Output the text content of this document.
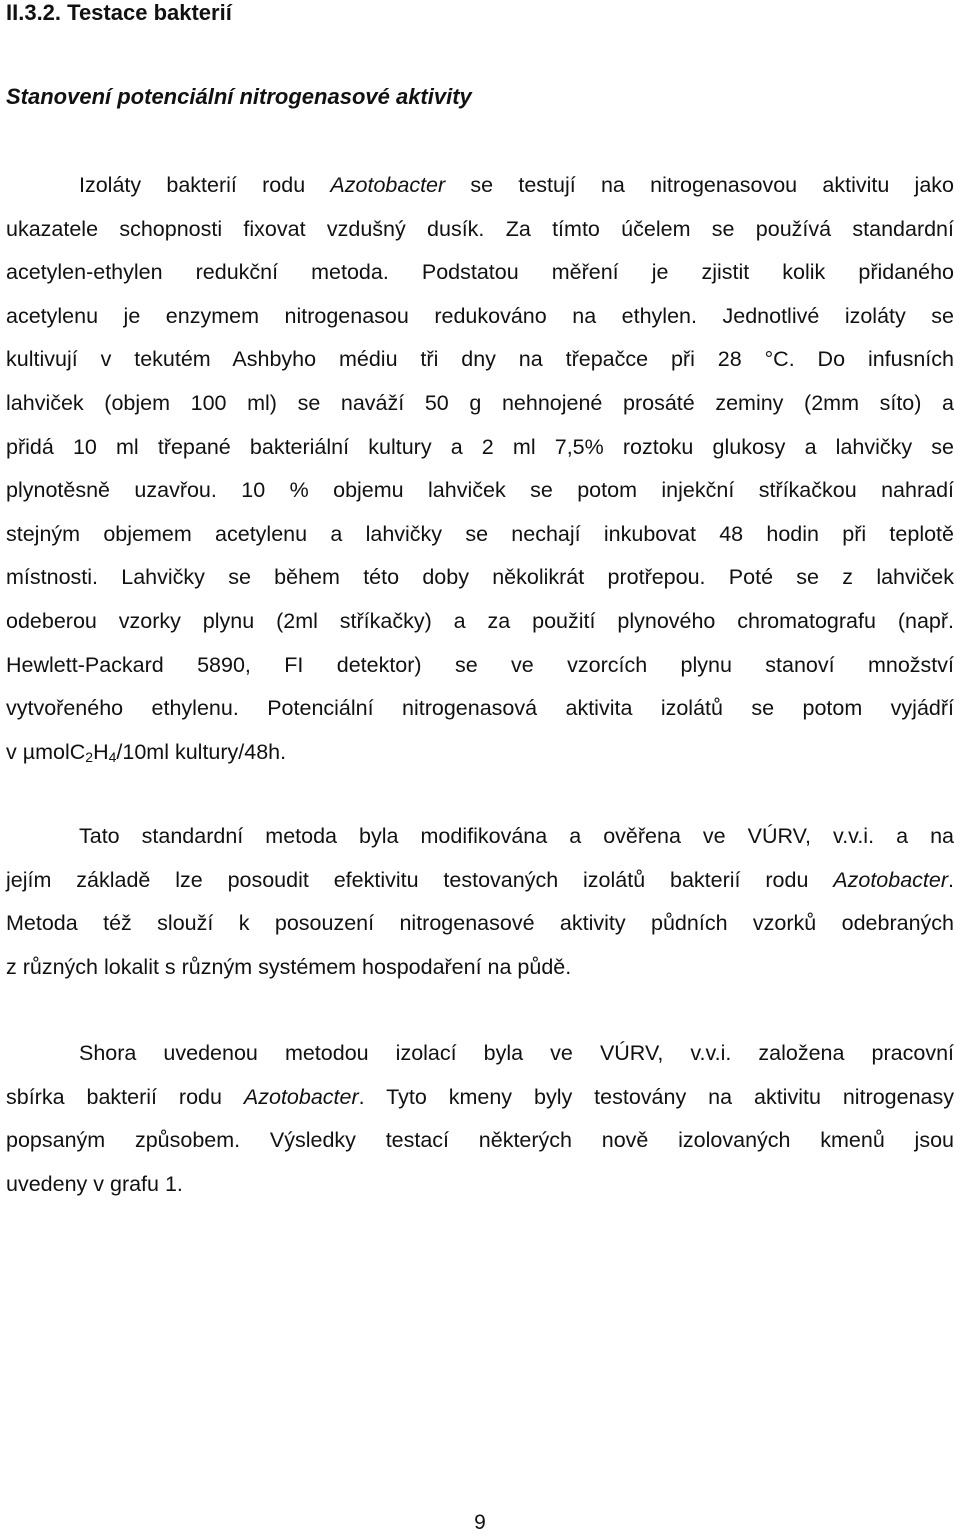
II.3.2. Testace bakterií
Stanovení potenciální nitrogenasové aktivity
Izoláty bakterií rodu Azotobacter se testují na nitrogenasovou aktivitu jako
ukazatele schopnosti fixovat vzdušný dusík. Za tímto účelem se používá standardní
acetylen-ethylen redukční metoda. Podstatou měření je zjistit kolik přidaného
acetylenu je enzymem nitrogenasou redukováno na ethylen. Jednotlivé izoláty se
kultivují v tekutém Ashbyho médiu tři dny na třepačce při 28 °C. Do infusních
lahviček (objem 100 ml) se naváží 50 g nehnojené prosáté zeminy (2mm síto) a
přidá 10 ml třepané bakteriální kultury a 2 ml 7,5% roztoku glukosy a lahvičky se
plynotěsně uzavřou. 10 % objemu lahviček se potom injekční stříkačkou nahradí
stejným objemem acetylenu a lahvičky se nechají inkubovat 48 hodin při teplotě
místnosti. Lahvičky se během této doby několikrát protřepou. Poté se z lahviček
odeberou vzorky plynu (2ml stříkačky) a za použití plynového chromatografu (např.
Hewlett-Packard 5890, FI detektor) se ve vzorcích plynu stanoví množství
vytvořeného ethylenu. Potenciální nitrogenasová aktivita izolátů se potom vyjádří
v $\mu molC_2H_4/10ml$ kultury/48h.
Tato standardní metoda byla modifikována a ověřena ve VÚRV, v.v.i. a na
jejím základě lze posoudit efektivitu testovaných izolátů bakterií rodu Azotobacter.
Metoda též slouží k posouzení nitrogenasové aktivity půdních vzorků odebraných
z různých lokalit s různým systémem hospodaření na půdě.
Shora uvedenou metodou izolací byla ve VÚRV, v.v.i. založena pracovní
sbírka bakterií rodu Azotobacter. Tyto kmeny byly testovány na aktivitu nitrogenasy
popsaným způsobem. Výsledky testací některých nově izolovaných kmenů jsou
uvedeny v grafu 1.
9
